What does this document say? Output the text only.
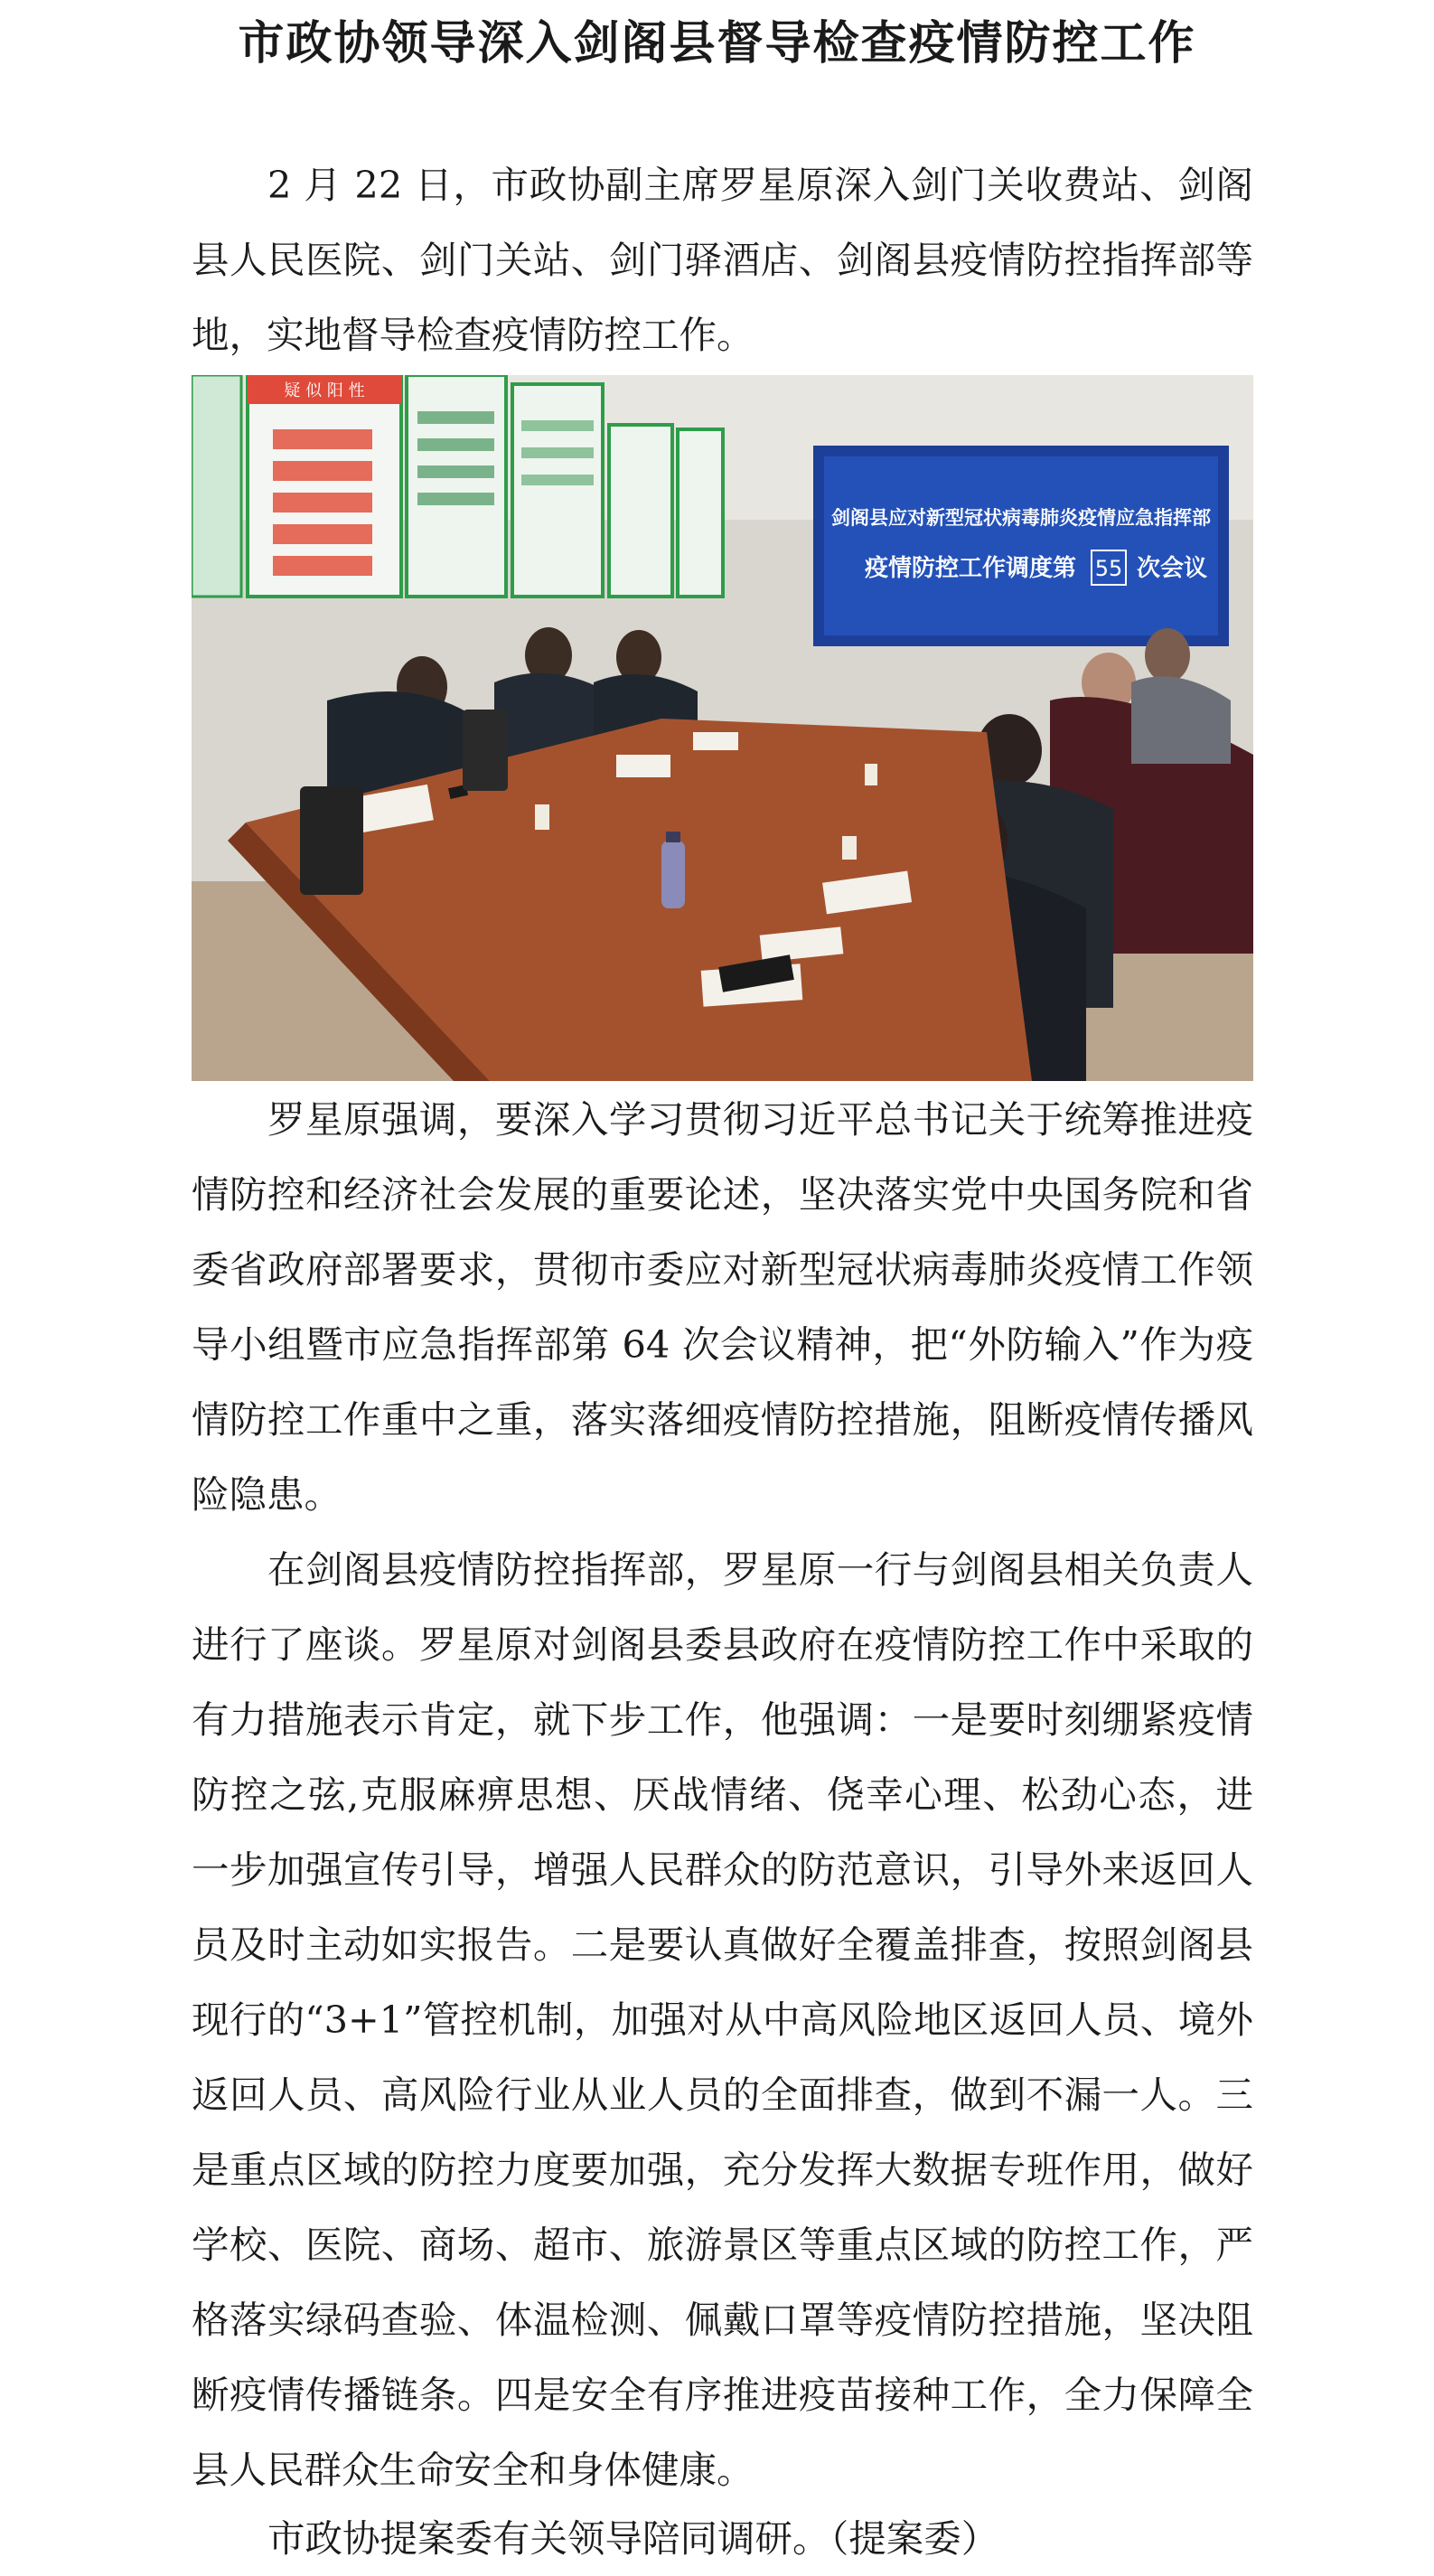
市政协领导深入剑阁县督导检查疫情防控工作

2 月 22 日，市政协副主席罗星原深入剑门关收费站、剑阁县人民医院、剑门关站、剑门驿酒店、剑阁县疫情防控指挥部等地，实地督导检查疫情防控工作。

疑 似 阳 性
剑阁县应对新型冠状病毒肺炎疫情应急指挥部
疫情防控工作调度第 55 次会议

罗星原强调，要深入学习贯彻习近平总书记关于统筹推进疫情防控和经济社会发展的重要论述，坚决落实党中央国务院和省委省政府部署要求，贯彻市委应对新型冠状病毒肺炎疫情工作领导小组暨市应急指挥部第 64 次会议精神，把“外防输入”作为疫情防控工作重中之重，落实落细疫情防控措施，阻断疫情传播风险隐患。

在剑阁县疫情防控指挥部，罗星原一行与剑阁县相关负责人进行了座谈。罗星原对剑阁县委县政府在疫情防控工作中采取的有力措施表示肯定，就下步工作，他强调：一是要时刻绷紧疫情防控之弦,克服麻痹思想、厌战情绪、侥幸心理、松劲心态，进一步加强宣传引导，增强人民群众的防范意识，引导外来返回人员及时主动如实报告。二是要认真做好全覆盖排查，按照剑阁县现行的“3+1”管控机制，加强对从中高风险地区返回人员、境外返回人员、高风险行业从业人员的全面排查，做到不漏一人。三是重点区域的防控力度要加强，充分发挥大数据专班作用，做好学校、医院、商场、超市、旅游景区等重点区域的防控工作，严格落实绿码查验、体温检测、佩戴口罩等疫情防控措施，坚决阻断疫情传播链条。四是安全有序推进疫苗接种工作，全力保障全县人民群众生命安全和身体健康。

市政协提案委有关领导陪同调研。（提案委）
